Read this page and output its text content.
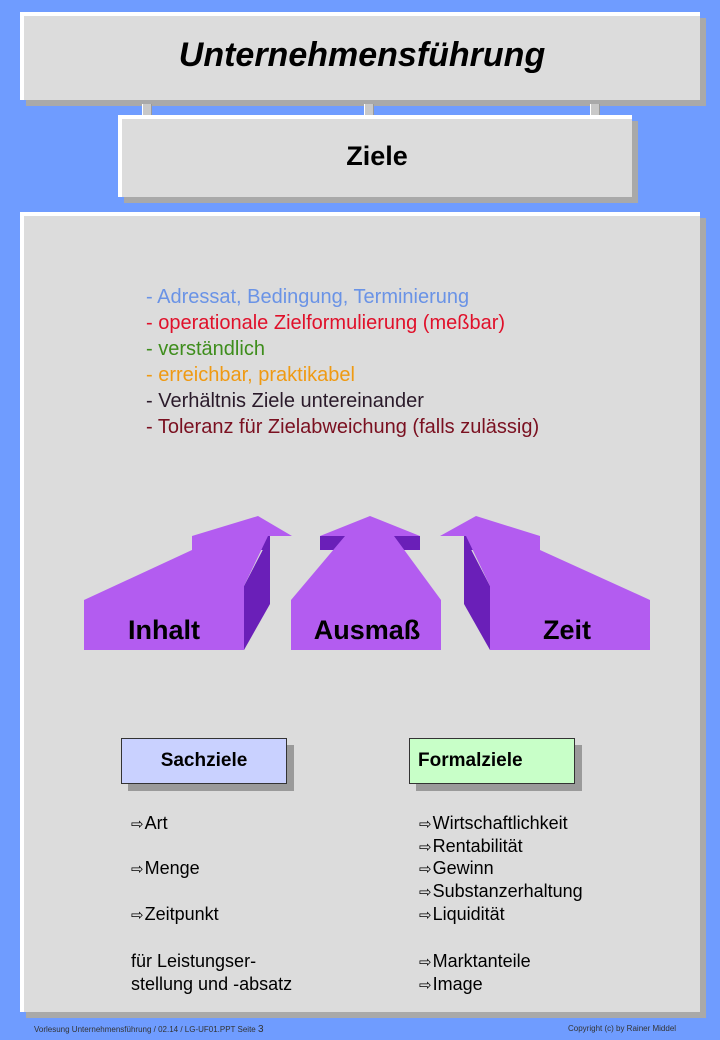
Unternehmensführung
Ziele
- Adressat, Bedingung, Terminierung
- operationale Zielformulierung (meßbar)
- verständlich
- erreichbar, praktikabel
- Verhältnis Ziele untereinander
- Toleranz für Zielabweichung (falls zulässig)
Inhalt	Ausmaß	Zeit
Sachziele
⇨Art
⇨Menge
⇨Zeitpunkt
für Leistungser-
stellung und -absatz
Formalziele
⇨Wirtschaftlichkeit
⇨Rentabilität
⇨Gewinn
⇨Substanzerhaltung
⇨Liquidität
⇨Marktanteile
⇨Image
Vorlesung Unternehmensführung / 02.14 / LG-UF01.PPT Seite 3	Copyright (c) by Rainer Middel
